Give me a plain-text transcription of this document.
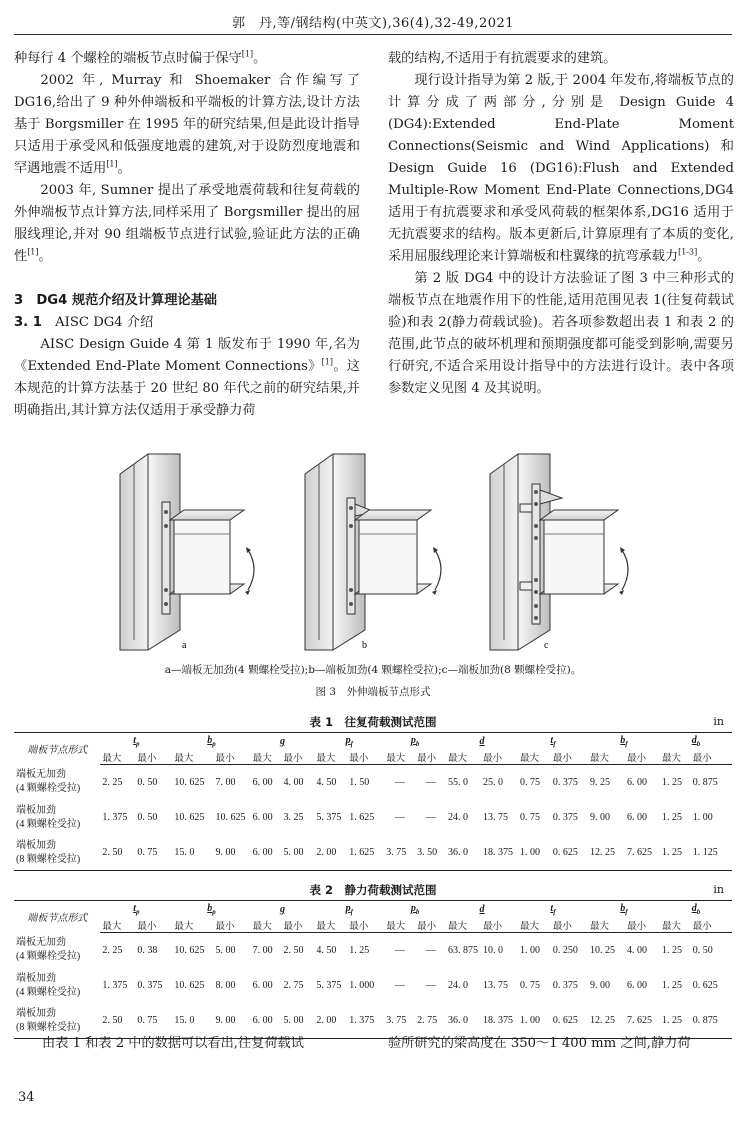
郭　丹,等/钢结构(中英文),36(4),32-49,2021

种每行 4 个螺栓的端板节点时偏于保守[1]。

2002 年, Murray 和 Shoemaker 合作编写了 DG16,给出了 9 种外伸端板和平端板的计算方法,设计方法基于 Borgsmiller 在 1995 年的研究结果,但是此设计指导只适用于承受风和低强度地震的建筑,对于设防烈度地震和罕遇地震不适用[1]。

2003 年, Sumner 提出了承受地震荷载和往复荷载的外伸端板节点计算方法,同样采用了 Borgsmiller 提出的屈服线理论,并对 90 组端板节点进行试验,验证此方法的正确性[1]。

3　DG4 规范介绍及计算理论基础

3. 1  AISC DG4 介绍

AISC Design Guide 4 第 1 版发布于 1990 年,名为《Extended End-Plate Moment Connections》[1]。这本规范的计算方法基于 20 世纪 80 年代之前的研究结果,并明确指出,其计算方法仅适用于承受静力荷

载的结构,不适用于有抗震要求的建筑。

现行设计指导为第 2 版,于 2004 年发布,将端板节点的计算分成了两部分,分别是 Design Guide 4 (DG4):Extended End-Plate Moment Connections(Seismic and Wind Applications) 和 Design Guide 16 (DG16):Flush and Extended Multiple-Row Moment End-Plate Connections,DG4 适用于有抗震要求和承受风荷载的框架体系,DG16 适用于无抗震要求的结构。版本更新后,计算原理有了本质的变化,采用屈服线理论来计算端板和柱翼缘的抗弯承载力[1-3]。

第 2 版 DG4 中的设计方法验证了图 3 中三种形式的端板节点在地震作用下的性能,适用范围见表 1(往复荷载试验)和表 2(静力荷载试验)。若各项参数超出表 1 和表 2 的范围,此节点的破坏机理和预期强度都可能受到影响,需要另行研究,不适合采用设计指导中的方法进行设计。表中各项参数定义见图 4 及其说明。

a	b	c
a—端板无加劲(4 颗螺栓受拉);b—端板加劲(4 颗螺栓受拉);c—端板加劲(8 颗螺栓受拉)。
图 3　外伸端板节点形式
表 1　往复荷载测试范围	in
端板节点形式	$t_p$		$b_p$		g		$p_f$		$p_b$		d		$t_f$		$b_f$		$d_b$
	最大	最小	最大	最小	最大	最小	最大	最小	最大	最小	最大	最小	最大	最小	最大	最小	最大	最小
端板无加劲
(4 颗螺栓受拉)	2. 25	0. 50	10. 625	7. 00	6. 00	4. 00	4. 50	1. 50	—	—	55. 0	25. 0	0. 75	0. 375	9. 25	6. 00	1. 25	0. 875
端板加劲
(4 颗螺栓受拉)	1. 375	0. 50	10. 625	10. 625	6. 00	3. 25	5. 375	1. 625	—	—	24. 0	13. 75	0. 75	0. 375	9. 00	6. 00	1. 25	1. 00
端板加劲
(8 颗螺栓受拉)	2. 50	0. 75	15. 0	9. 00	6. 00	5. 00	2. 00	1. 625	3. 75	3. 50	36. 0	18. 375	1. 00	0. 625	12. 25	7. 625	1. 25	1. 125
表 2　静力荷载测试范围	in
端板节点形式	$t_p$		$b_p$		g		$p_f$		$p_b$		d		$t_f$		$b_f$		$d_b$
	最大	最小	最大	最小	最大	最小	最大	最小	最大	最小	最大	最小	最大	最小	最大	最小	最大	最小
端板无加劲
(4 颗螺栓受拉)	2. 25	0. 38	10. 625	5. 00	7. 00	2. 50	4. 50	1. 25	—	—	63. 875	10. 0	1. 00	0. 250	10. 25	4. 00	1. 25	0. 50
端板加劲
(4 颗螺栓受拉)	1. 375	0. 375	10. 625	8. 00	6. 00	2. 75	5. 375	1. 000	—	—	24. 0	13. 75	0. 75	0. 375	9. 00	6. 00	1. 25	0. 625
端板加劲
(8 颗螺栓受拉)	2. 50	0. 75	15. 0	9. 00	6. 00	5. 00	2. 00	1. 375	3. 75	2. 75	36. 0	18. 375	1. 00	0. 625	12. 25	7. 625	1. 25	0. 875
由表 1 和表 2 中的数据可以看出,往复荷载试	验所研究的梁高度在 350～1 400 mm 之间,静力荷
34
